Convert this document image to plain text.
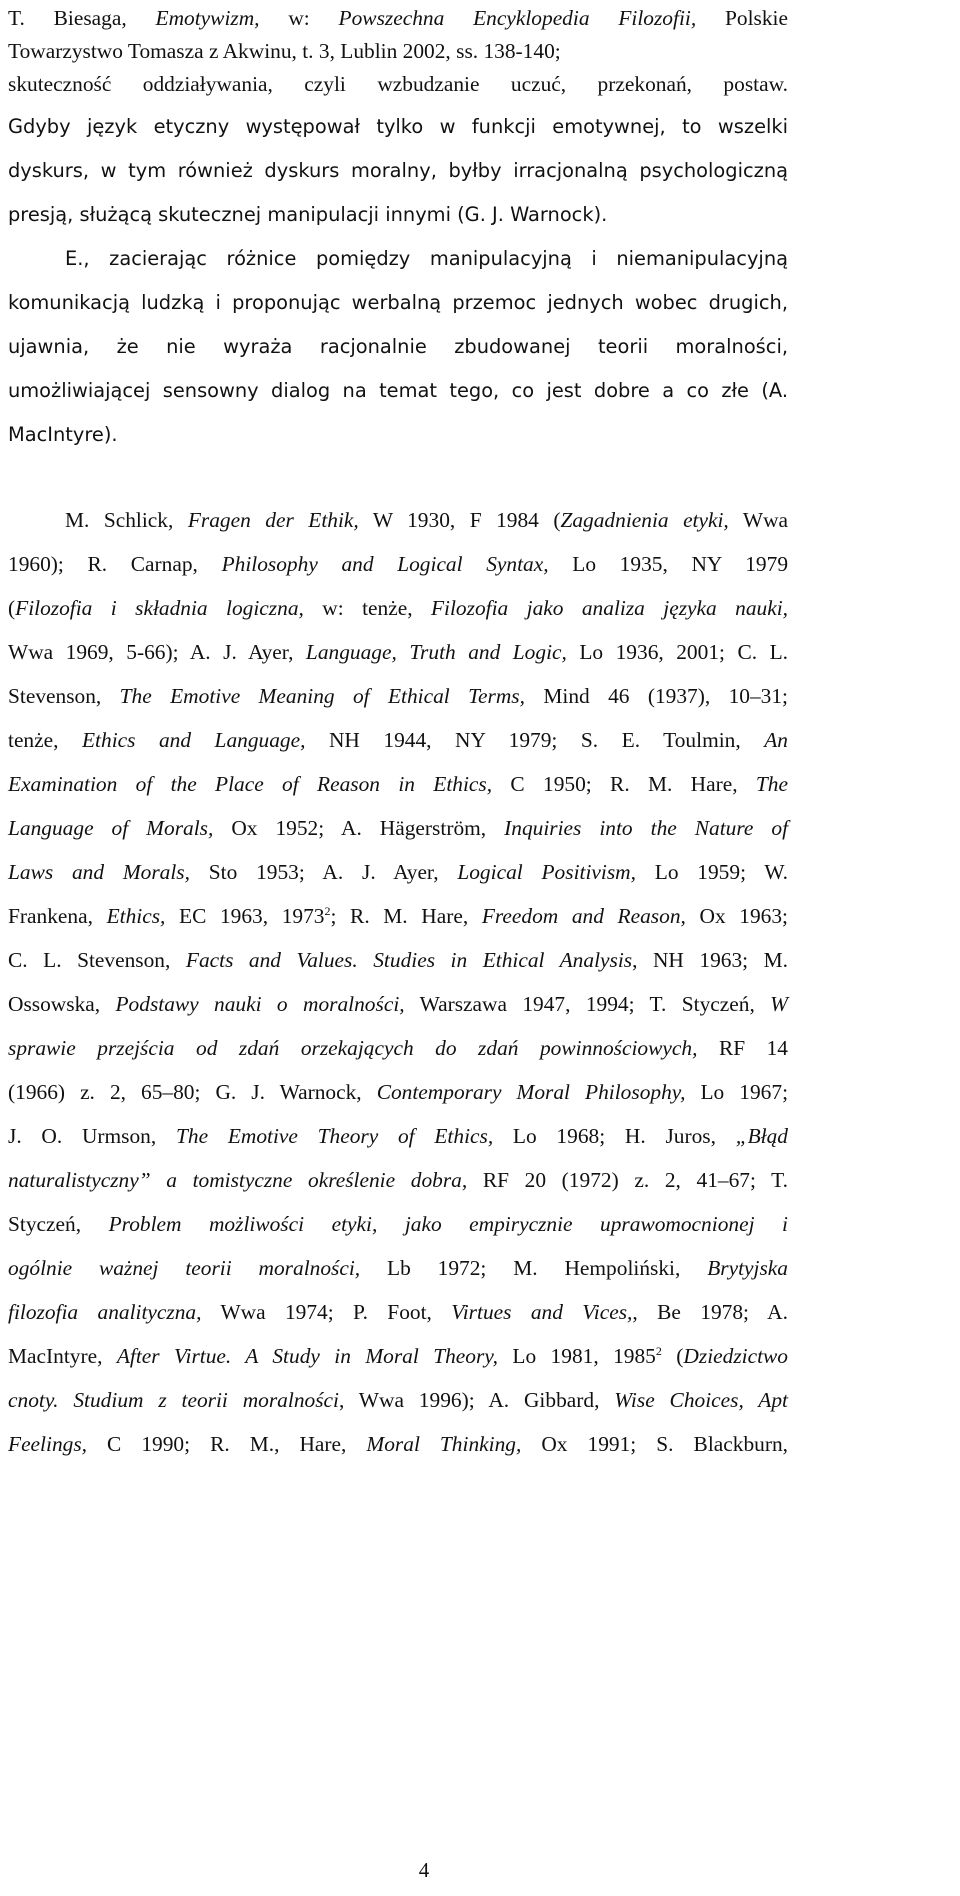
T. Biesaga, Emotywizm, w: Powszechna Encyklopedia Filozofii, Polskie
Towarzystwo Tomasza z Akwinu, t. 3, Lublin 2002, ss. 138-140;
skuteczność oddziaływania, czyli wzbudzanie uczuć, przekonań, postaw.
Gdyby język etyczny występował tylko w funkcji emotywnej, to wszelki
dyskurs, w tym również dyskurs moralny, byłby irracjonalną psychologiczną
presją, służącą skutecznej manipulacji innymi (G. J. Warnock).
E., zacierając różnice pomiędzy manipulacyjną i niemanipulacyjną
komunikacją ludzką i proponując werbalną przemoc jednych wobec drugich,
ujawnia, że nie wyraża racjonalnie zbudowanej teorii moralności,
umożliwiającej sensowny dialog na temat tego, co jest dobre a co złe (A.
MacIntyre).
M. Schlick, Fragen der Ethik, W 1930, F 1984 (Zagadnienia etyki, Wwa
1960); R. Carnap, Philosophy and Logical Syntax, Lo 1935, NY 1979
(Filozofia i składnia logiczna, w: tenże, Filozofia jako analiza języka nauki,
Wwa 1969, 5-66); A. J. Ayer, Language, Truth and Logic, Lo 1936, 2001; C. L.
Stevenson, The Emotive Meaning of Ethical Terms, Mind 46 (1937), 10–31;
tenże, Ethics and Language, NH 1944, NY 1979; S. E. Toulmin, An
Examination of the Place of Reason in Ethics, C 1950; R. M. Hare, The
Language of Morals, Ox 1952; A. Hägerström, Inquiries into the Nature of
Laws and Morals, Sto 1953; A. J. Ayer, Logical Positivism, Lo 1959; W.
Frankena, Ethics, EC 1963, 1973$^2$; R. M. Hare, Freedom and Reason, Ox 1963;
C. L. Stevenson, Facts and Values. Studies in Ethical Analysis, NH 1963; M.
Ossowska, Podstawy nauki o moralności, Warszawa 1947, 1994; T. Styczeń, W
sprawie przejścia od zdań orzekających do zdań powinnościowych, RF 14
(1966) z. 2, 65–80; G. J. Warnock, Contemporary Moral Philosophy, Lo 1967;
J. O. Urmson, The Emotive Theory of Ethics, Lo 1968; H. Juros, „Błąd
naturalistyczny” a tomistyczne określenie dobra, RF 20 (1972) z. 2, 41–67; T.
Styczeń, Problem możliwości etyki, jako empirycznie uprawomocnionej i
ogólnie ważnej teorii moralności, Lb 1972; M. Hempoliński, Brytyjska
filozofia analityczna, Wwa 1974; P. Foot, Virtues and Vices,, Be 1978; A.
MacIntyre, After Virtue. A Study in Moral Theory, Lo 1981, 1985$^2$ (Dziedzictwo
cnoty. Studium z teorii moralności, Wwa 1996); A. Gibbard, Wise Choices, Apt
Feelings, C 1990; R. M., Hare, Moral Thinking, Ox 1991; S. Blackburn,
4
